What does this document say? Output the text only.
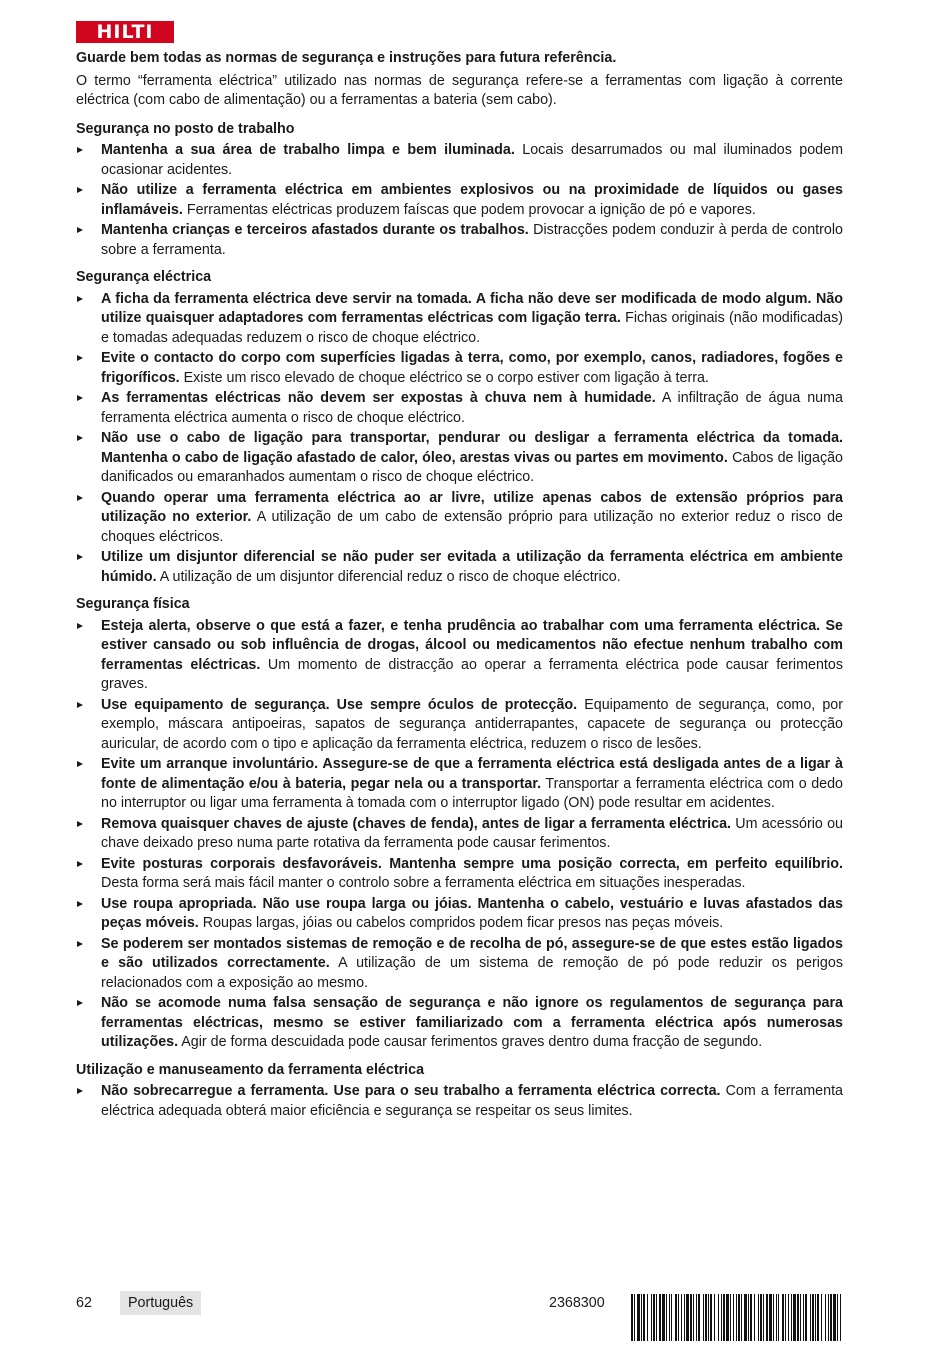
HILTI

Guarde bem todas as normas de segurança e instruções para futura referência.

O termo “ferramenta eléctrica” utilizado nas normas de segurança refere-se a ferramentas com ligação à corrente eléctrica (com cabo de alimentação) ou a ferramentas a bateria (sem cabo).

Segurança no posto de trabalho

Mantenha a sua área de trabalho limpa e bem iluminada. Locais desarrumados ou mal iluminados podem ocasionar acidentes.
Não utilize a ferramenta eléctrica em ambientes explosivos ou na proximidade de líquidos ou gases inflamáveis. Ferramentas eléctricas produzem faíscas que podem provocar a ignição de pó e vapores.
Mantenha crianças e terceiros afastados durante os trabalhos. Distracções podem conduzir à perda de controlo sobre a ferramenta.

Segurança eléctrica

A ficha da ferramenta eléctrica deve servir na tomada. A ficha não deve ser modificada de modo algum. Não utilize quaisquer adaptadores com ferramentas eléctricas com ligação terra. Fichas originais (não modificadas) e tomadas adequadas reduzem o risco de choque eléctrico.
Evite o contacto do corpo com superfícies ligadas à terra, como, por exemplo, canos, radiadores, fogões e frigoríficos. Existe um risco elevado de choque eléctrico se o corpo estiver com ligação à terra.
As ferramentas eléctricas não devem ser expostas à chuva nem à humidade. A infiltração de água numa ferramenta eléctrica aumenta o risco de choque eléctrico.
Não use o cabo de ligação para transportar, pendurar ou desligar a ferramenta eléctrica da tomada. Mantenha o cabo de ligação afastado de calor, óleo, arestas vivas ou partes em movimento. Cabos de ligação danificados ou emaranhados aumentam o risco de choque eléctrico.
Quando operar uma ferramenta eléctrica ao ar livre, utilize apenas cabos de extensão próprios para utilização no exterior. A utilização de um cabo de extensão próprio para utilização no exterior reduz o risco de choques eléctricos.
Utilize um disjuntor diferencial se não puder ser evitada a utilização da ferramenta eléctrica em ambiente húmido. A utilização de um disjuntor diferencial reduz o risco de choque eléctrico.

Segurança física

Esteja alerta, observe o que está a fazer, e tenha prudência ao trabalhar com uma ferramenta eléctrica. Se estiver cansado ou sob influência de drogas, álcool ou medicamentos não efectue nenhum trabalho com ferramentas eléctricas. Um momento de distracção ao operar a ferramenta eléctrica pode causar ferimentos graves.
Use equipamento de segurança. Use sempre óculos de protecção. Equipamento de segurança, como, por exemplo, máscara antipoeiras, sapatos de segurança antiderrapantes, capacete de segurança ou protecção auricular, de acordo com o tipo e aplicação da ferramenta eléctrica, reduzem o risco de lesões.
Evite um arranque involuntário. Assegure-se de que a ferramenta eléctrica está desligada antes de a ligar à fonte de alimentação e/ou à bateria, pegar nela ou a transportar. Transportar a ferramenta eléctrica com o dedo no interruptor ou ligar uma ferramenta à tomada com o interruptor ligado (ON) pode resultar em acidentes.
Remova quaisquer chaves de ajuste (chaves de fenda), antes de ligar a ferramenta eléctrica. Um acessório ou chave deixado preso numa parte rotativa da ferramenta pode causar ferimentos.
Evite posturas corporais desfavoráveis. Mantenha sempre uma posição correcta, em perfeito equilíbrio. Desta forma será mais fácil manter o controlo sobre a ferramenta eléctrica em situações inesperadas.
Use roupa apropriada. Não use roupa larga ou jóias. Mantenha o cabelo, vestuário e luvas afastados das peças móveis. Roupas largas, jóias ou cabelos compridos podem ficar presos nas peças móveis.
Se poderem ser montados sistemas de remoção e de recolha de pó, assegure-se de que estes estão ligados e são utilizados correctamente. A utilização de um sistema de remoção de pó pode reduzir os perigos relacionados com a exposição ao mesmo.
Não se acomode numa falsa sensação de segurança e não ignore os regulamentos de segurança para ferramentas eléctricas, mesmo se estiver familiarizado com a ferramenta eléctrica após numerosas utilizações. Agir de forma descuidada pode causar ferimentos graves dentro duma fracção de segundo.

Utilização e manuseamento da ferramenta eléctrica

Não sobrecarregue a ferramenta. Use para o seu trabalho a ferramenta eléctrica correcta. Com a ferramenta eléctrica adequada obterá maior eficiência e segurança se respeitar os seus limites.
62	Português	2368300
